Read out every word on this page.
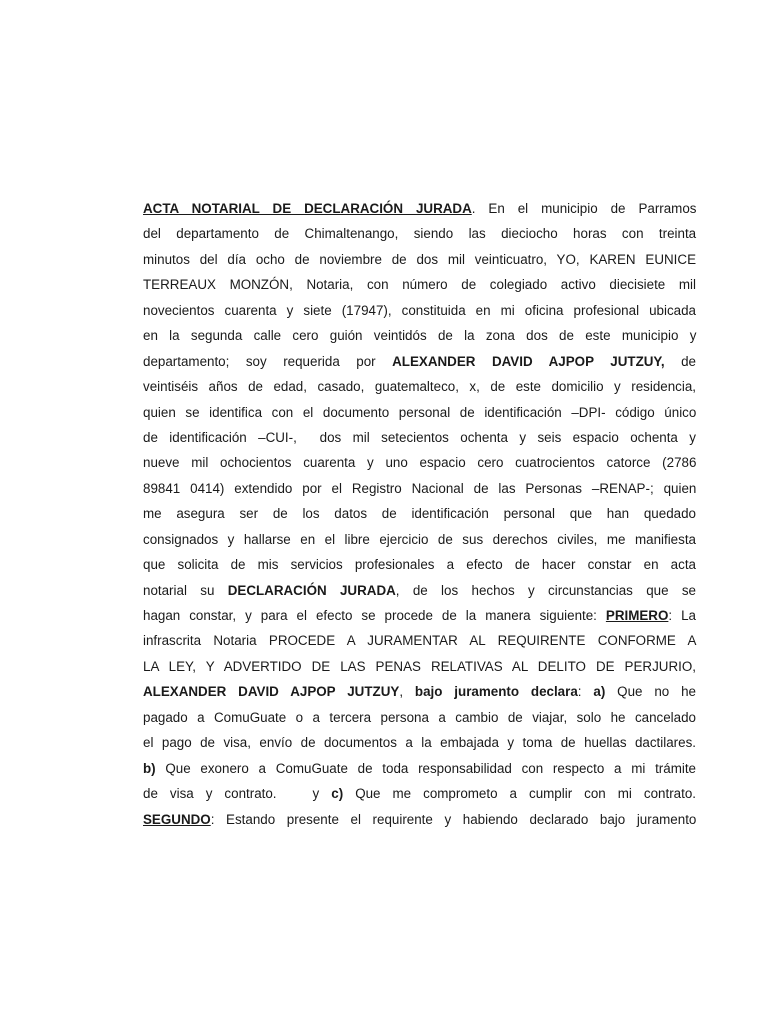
ACTA NOTARIAL DE DECLARACIÓN JURADA. En el municipio de Parramos
del departamento de Chimaltenango, siendo las dieciocho horas con treinta
minutos del día ocho de noviembre de dos mil veinticuatro, YO, KAREN EUNICE
TERREAUX MONZÓN, Notaria, con número de colegiado activo diecisiete mil
novecientos cuarenta y siete (17947), constituida en mi oficina profesional ubicada
en la segunda calle cero guión veintidós de la zona dos de este municipio y
departamento; soy requerida por ALEXANDER DAVID AJPOP JUTZUY, de
veintiséis años de edad, casado, guatemalteco, x, de este domicilio y residencia,
quien se identifica con el documento personal de identificación –DPI- código único
de identificación –CUI-,  dos mil setecientos ochenta y seis espacio ochenta y
nueve mil ochocientos cuarenta y uno espacio cero cuatrocientos catorce (2786
89841 0414) extendido por el Registro Nacional de las Personas –RENAP-; quien
me asegura ser de los datos de identificación personal que han quedado
consignados y hallarse en el libre ejercicio de sus derechos civiles, me manifiesta
que solicita de mis servicios profesionales a efecto de hacer constar en acta
notarial su DECLARACIÓN JURADA, de los hechos y circunstancias que se
hagan constar, y para el efecto se procede de la manera siguiente: PRIMERO: La
infrascrita Notaria PROCEDE A JURAMENTAR AL REQUIRENTE CONFORME A
LA LEY, Y ADVERTIDO DE LAS PENAS RELATIVAS AL DELITO DE PERJURIO,
ALEXANDER DAVID AJPOP JUTZUY, bajo juramento declara: a) Que no he
pagado a ComuGuate o a tercera persona a cambio de viajar, solo he cancelado
el pago de visa, envío de documentos a la embajada y toma de huellas dactilares.
b) Que exonero a ComuGuate de toda responsabilidad con respecto a mi trámite
de visa y contrato.   y c) Que me comprometo a cumplir con mi contrato.
SEGUNDO: Estando presente el requirente y habiendo declarado bajo juramento
